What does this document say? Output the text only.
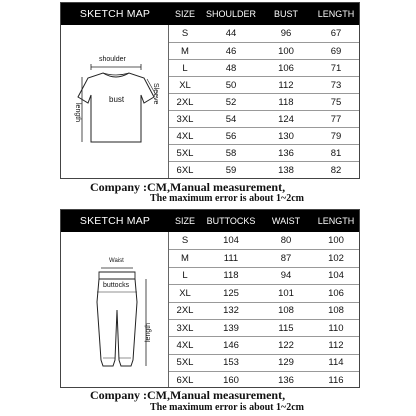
SKETCH MAP	SIZE	SHOULDER	BUST	LENGTH
shoulder
bust	Sleeve
length
S	44	96	67
M	46	100	69
L	48	106	71
XL	50	112	73
2XL	52	118	75
3XL	54	124	77
4XL	56	130	79
5XL	58	136	81
6XL	59	138	82
Company :CM,Manual measurement,
The maximum error is about 1~2cm
SKETCH MAP	SIZE	BUTTOCKS	WAIST	LENGTH
Waist
buttocks
length
S	104	80	100
M	111	87	102
L	118	94	104
XL	125	101	106
2XL	132	108	108
3XL	139	115	110
4XL	146	122	112
5XL	153	129	114
6XL	160	136	116
Company :CM,Manual measurement,
The maximum error is about 1~2cm
